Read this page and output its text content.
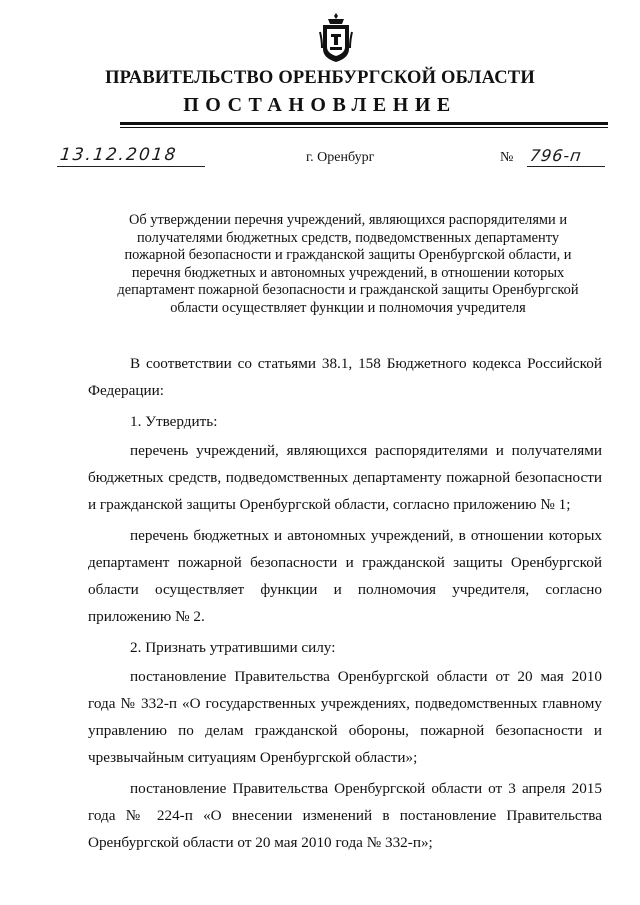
ПРАВИТЕЛЬСТВО ОРЕНБУРГСКОЙ ОБЛАСТИ
ПОСТАНОВЛЕНИЕ
13.12.2018	г. Оренбург	№ 796-п
Об утверждении перечня учреждений, являющихся распорядителями и
получателями бюджетных средств, подведомственных департаменту
пожарной безопасности и гражданской защиты Оренбургской области, и
перечня бюджетных и автономных учреждений, в отношении которых
департамент пожарной безопасности и гражданской защиты Оренбургской
области осуществляет функции и полномочия учредителя

В соответствии со статьями 38.1, 158 Бюджетного кодекса Российской Федерации:

1. Утвердить:

перечень учреждений, являющихся распорядителями и получателями бюджетных средств, подведомственных департаменту пожарной безопасности и гражданской защиты Оренбургской области, согласно приложению № 1;

перечень бюджетных и автономных учреждений, в отношении которых департамент пожарной безопасности и гражданской защиты Оренбургской области осуществляет функции и полномочия учредителя, согласно приложению № 2.

2. Признать утратившими силу:

постановление Правительства Оренбургской области от 20 мая 2010 года № 332-п «О государственных учреждениях, подведомственных главному управлению по делам гражданской обороны, пожарной безопасности и чрезвычайным ситуациям Оренбургской области»;

постановление Правительства Оренбургской области от 3 апреля 2015 года № 224-п «О внесении изменений в постановление Правительства Оренбургской области от 20 мая 2010 года № 332-п»;
